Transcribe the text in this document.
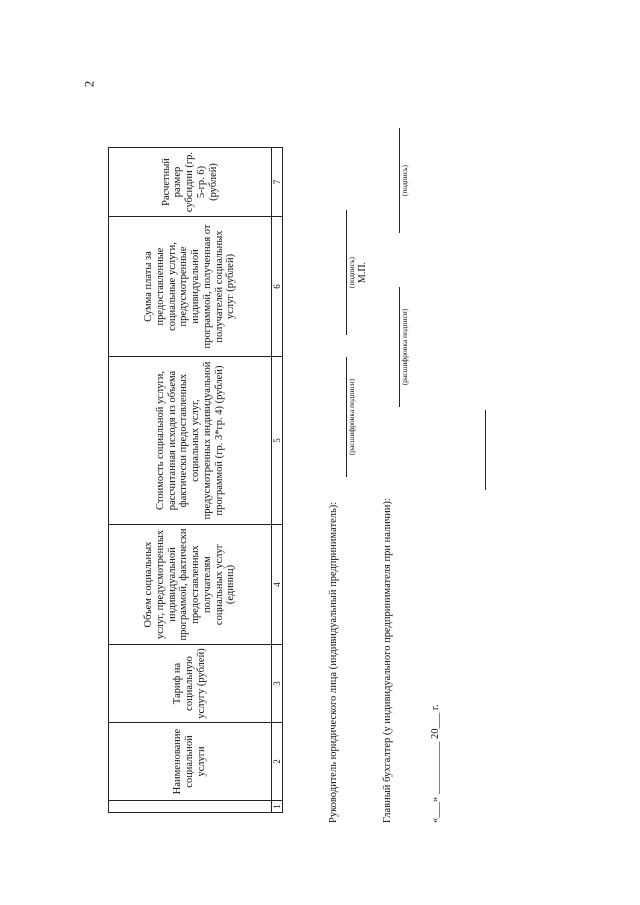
2
	Наименование социальной услуги	Тариф на социальную услугу (рублей)	Объем социальных услуг, предусмотренных индивидуальной программой, фактически предоставленных получателям социальных услуг (единиц)	Стоимость социальной услуги, рассчитанная исходя из объема фактически предоставленных социальных услуг, предусмотренных индивидуальной программой (гр. 3*гр. 4) (рублей)	Сумма платы за предоставленные социальные услуги, предусмотренные индивидуальной программой, полученная от получателей социальных услуг (рублей)	Расчетный размер субсидии (гр. 5-гр. 6) (рублей)
1	2	3	4	5	6	7
Руководитель юридического лица (индивидуальный предприниматель):
(расшифровка подписи)
(подпись) М.П.
Главный бухгалтер (у индивидуального предпринимателя при наличии):
(расшифровка подписи)
(подпись)
«___» __________ 20___ г.
